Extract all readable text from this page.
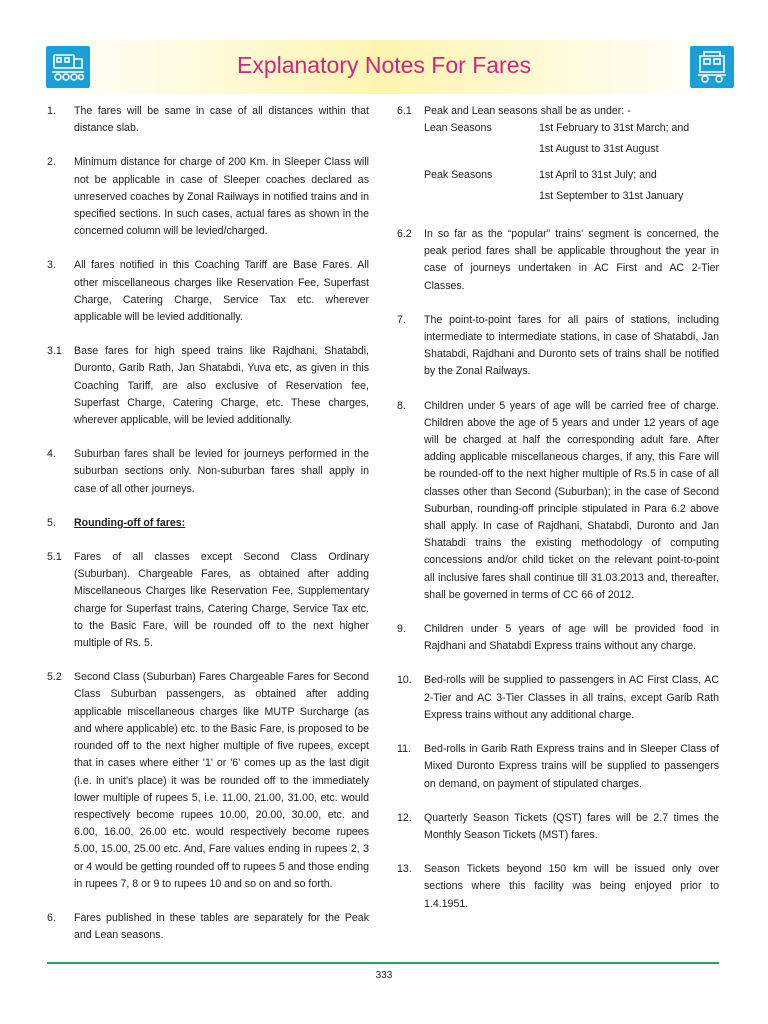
Explanatory Notes For Fares
1.	The fares will be same in case of all distances within that distance slab.
2.	Minimum distance for charge of 200 Km. in Sleeper Class will not be applicable in case of Sleeper coaches declared as unreserved coaches by Zonal Railways in notified trains and in specified sections. In such cases, actual fares as shown in the concerned column will be levied/charged.
3.	All fares notified in this Coaching Tariff are Base Fares. All other miscellaneous charges like Reservation Fee, Superfast Charge, Catering Charge, Service Tax etc. wherever applicable will be levied additionally.
3.1	Base fares for high speed trains like Rajdhani, Shatabdi, Duronto, Garib Rath, Jan Shatabdi, Yuva etc, as given in this Coaching Tariff, are also exclusive of Reservation fee, Superfast Charge, Catering Charge, etc. These charges, wherever applicable, will be levied additionally.
4.	Suburban fares shall be levied for journeys performed in the suburban sections only. Non-suburban fares shall apply in case of all other journeys.
5.	Rounding-off of fares:
5.1	Fares of all classes except Second Class Ordinary (Suburban). Chargeable Fares, as obtained after adding Miscellaneous Charges like Reservation Fee, Supplementary charge for Superfast trains, Catering Charge, Service Tax etc. to the Basic Fare, will be rounded off to the next higher multiple of Rs. 5.
5.2	Second Class (Suburban) Fares Chargeable Fares for Second Class Suburban passengers, as obtained after adding applicable miscellaneous charges like MUTP Surcharge (as and where applicable) etc. to the Basic Fare, is proposed to be rounded off to the next higher multiple of five rupees, except that in cases where either '1' or '6' comes up as the last digit (i.e. in unit's place) it was be rounded off to the immediately lower multiple of rupees 5, i.e. 11.00, 21.00, 31.00, etc. would respectively become rupees 10.00, 20.00, 30.00, etc. and 6.00, 16.00, 26.00 etc. would respectively become rupees 5.00, 15.00, 25.00 etc. And, Fare values ending in rupees 2, 3 or 4 would be getting rounded off to rupees 5 and those ending in rupees 7, 8 or 9 to rupees 10 and so on and so forth.
6.	Fares published in these tables are separately for the Peak and Lean seasons.
6.1	Peak and Lean seasons shall be as under: -
Lean Seasons	1st February to 31st March; and
1st August to 31st August
Peak Seasons	1st April to 31st July; and
1st September to 31st January
6.2	In so far as the “popular” trains' segment is concerned, the peak period fares shall be applicable throughout the year in case of journeys undertaken in AC First and AC 2-Tier Classes.
7.	The point-to-point fares for all pairs of stations, including intermediate to intermediate stations, in case of Shatabdi, Jan Shatabdi, Rajdhani and Duronto sets of trains shall be notified by the Zonal Railways.
8.	Children under 5 years of age will be carried free of charge. Children above the age of 5 years and under 12 years of age will be charged at half the corresponding adult fare. After adding applicable miscellaneous charges, if any, this Fare will be rounded-off to the next higher multiple of Rs.5 in case of all classes other than Second (Suburban); in the case of Second Suburban, rounding-off principle stipulated in Para 6.2 above shall apply. In case of Rajdhani, Shatabdi, Duronto and Jan Shatabdi trains the existing methodology of computing concessions and/or child ticket on the relevant point-to-point all inclusive fares shall continue till 31.03.2013 and, thereafter, shall be governed in terms of CC 66 of 2012.
9.	Children under 5 years of age will be provided food in Rajdhani and Shatabdi Express trains without any charge.
10.	Bed-rolls will be supplied to passengers in AC First Class, AC 2-Tier and AC 3-Tier Classes in all trains, except Garib Rath Express trains without any additional charge.
11.	Bed-rolls in Garib Rath Express trains and in Sleeper Class of Mixed Duronto Express trains will be supplied to passengers on demand, on payment of stipulated charges.
12.	Quarterly Season Tickets (QST) fares will be 2.7 times the Monthly Season Tickets (MST) fares.
13.	Season Tickets beyond 150 km will be issued only over sections where this facility was being enjoyed prior to 1.4.1951.
333
